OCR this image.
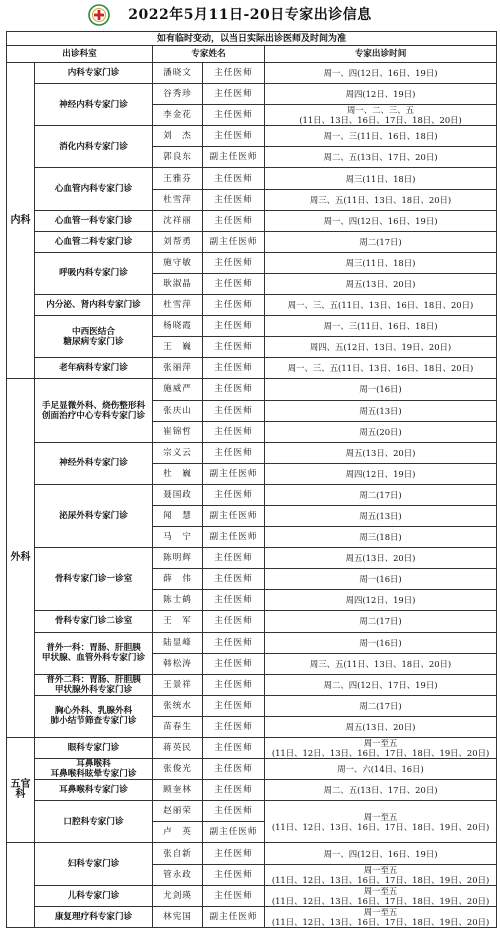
2022年5月11日-20日专家出诊信息
如有临时变动，以当日实际出诊医师及时间为准				
出诊科室		专家姓名		专家出诊时间
内科	内科专家门诊	潘晓文	主任医师	周一、四(12日、16日、19日)
	神经内科专家门诊	谷秀珍	主任医师	周四(12日、19日)
		李金花	主任医师	周一、二、三、五
(11日、13日、16日、17日、18日、20日)
	消化内科专家门诊	刘　杰	主任医师	周一、三(11日、16日、18日)
		郭良东	副主任医师	周二、五(13日、17日、20日)
	心血管内科专家门诊	王雅芬	主任医师	周三(11日、18日)
		杜雪萍	主任医师	周三、五(11日、13日、18日、20日)
	心血管一科专家门诊	沈祥丽	主任医师	周一、四(12日、16日、19日)
	心血管二科专家门诊	刘帮勇	副主任医师	周二(17日)
	呼吸内科专家门诊	施守敏	主任医师	周三(11日、18日)
		耿淑晶	主任医师	周五(13日、20日)
	内分泌、肾内科专家门诊	杜雪萍	主任医师	周一、三、五(11日、13日、16日、18日、20日)
	中西医结合
糖尿病专家门诊	杨晓霞	主任医师	周一、三(11日、16日、18日)
		王　巍	主任医师	周四、五(12日、13日、19日、20日)
	老年病科专家门诊	张丽萍	主任医师	周一、三、五(11日、13日、16日、18日、20日)
外科	手足显微外科、烧伤整形科
创面治疗中心专科专家门诊	施威严	主任医师	周一(16日)
		张庆山	主任医师	周五(13日)
		崔锦哲	主任医师	周五(20日)
	神经外科专家门诊	宗义云	主任医师	周五(13日、20日)
		杜　巍	副主任医师	周四(12日、19日)
	泌尿外科专家门诊	聂国政	主任医师	周二(17日)
		闻　慧	副主任医师	周五(13日)
		马　宁	副主任医师	周三(18日)
	骨科专家门诊一诊室	陈明辉	主任医师	周五(13日、20日)
		薛　伟	主任医师	周一(16日)
		陈士鹤	主任医师	周四(12日、19日)
	骨科专家门诊二诊室	王　军	主任医师	周二(17日)
	普外一科：胃肠、肝胆胰
甲状腺、血管外科专家门诊	陆显峰	主任医师	周一(16日)
		韩松涛	主任医师	周三、五(11日、13日、18日、20日)
	普外二科：胃肠、肝胆胰
甲状腺外科专家门诊	王景祥	主任医师	周二、四(12日、17日、19日)
	胸心外科、乳腺外科
肺小结节筛查专家门诊	张统水	主任医师	周二(17日)
		苗春生	主任医师	周五(13日、20日)
五官科	眼科专家门诊	蒋英民	主任医师	周一至五
(11日、12日、13日、16日、17日、18日、19日、20日)
	耳鼻喉科
耳鼻喉科眩晕专家门诊	张俊光	主任医师	周一、六(14日、16日)
	耳鼻喉科专家门诊	顾奎林	主任医师	周二、五(13日、17日、20日)
	口腔科专家门诊	赵丽荣	主任医师	周一至五
(11日、12日、13日、16日、17日、18日、19日、20日)
		卢　英	副主任医师	
	妇科专家门诊	张自新	主任医师	周一、四(12日、16日、19日)
		管永政	主任医师	周一至五
(11日、12日、13日、16日、17日、18日、19日、20日)
	儿科专家门诊	尤剑瑛	主任医师	周一至五
(11日、12日、13日、16日、17日、18日、19日、20日)
	康复理疗科专家门诊	林宪国	副主任医师	周一至五
(11日、12日、13日、16日、17日、18日、19日、20日)
